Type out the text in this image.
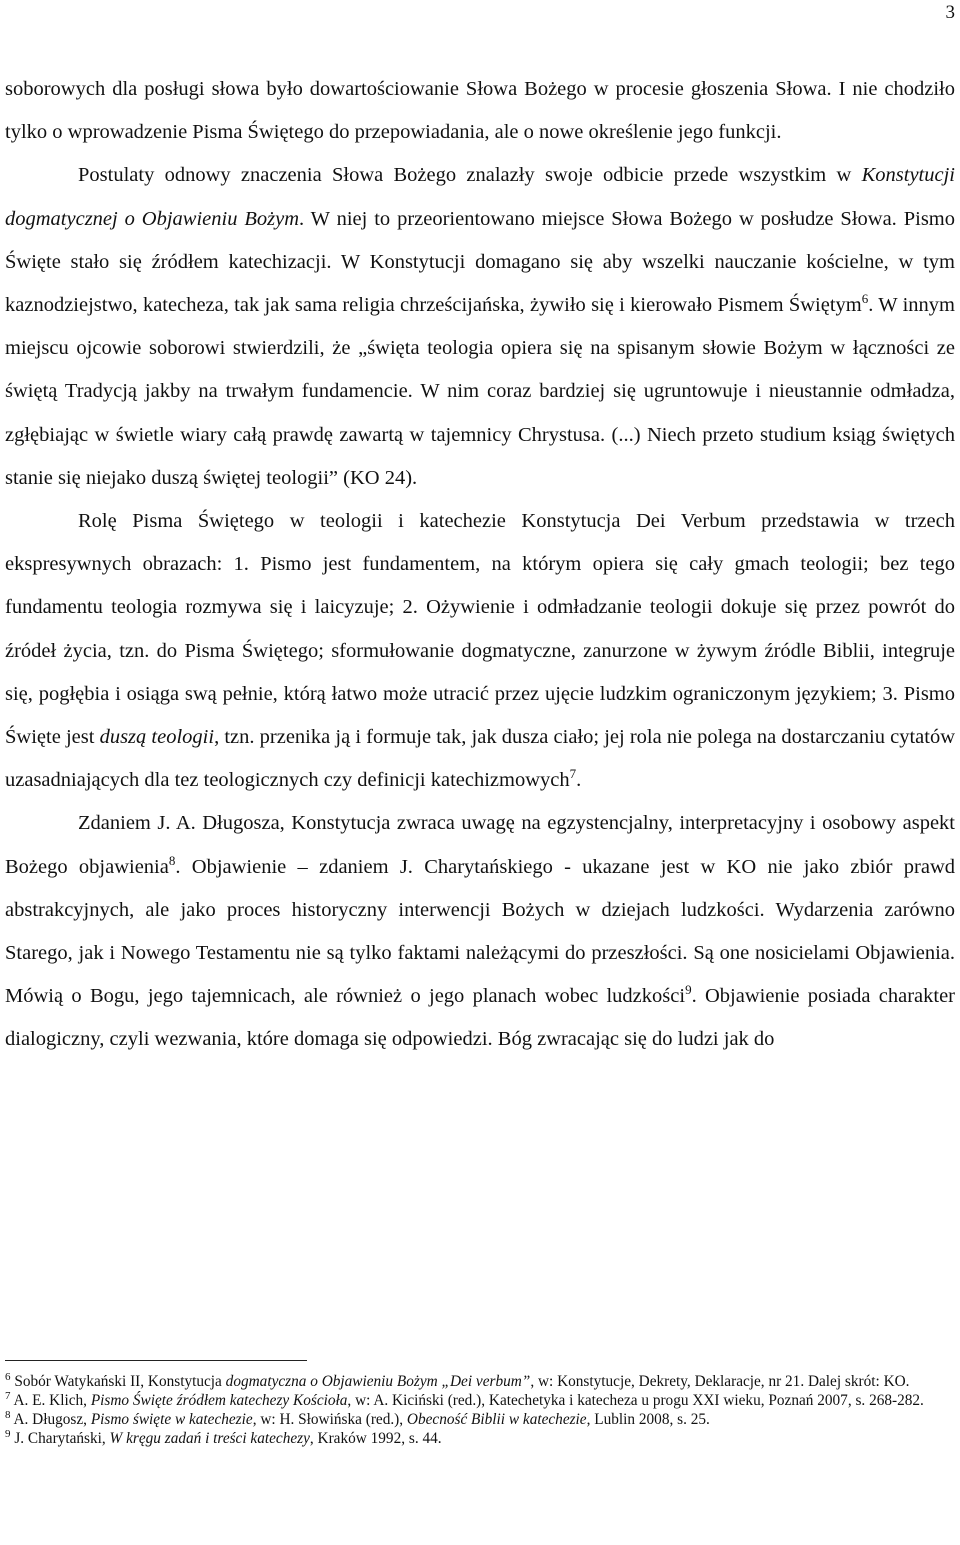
3

soborowych dla posługi słowa było dowartościowanie Słowa Bożego w procesie głoszenia Słowa. I nie chodziło tylko o wprowadzenie Pisma Świętego do przepowiadania, ale o nowe określenie jego funkcji.

Postulaty odnowy znaczenia Słowa Bożego znalazły swoje odbicie przede wszystkim w Konstytucji dogmatycznej o Objawieniu Bożym. W niej to przeorientowano miejsce Słowa Bożego w posłudze Słowa. Pismo Święte stało się źródłem katechizacji. W Konstytucji domagano się aby wszelki nauczanie kościelne, w tym kaznodziejstwo, katecheza, tak jak sama religia chrześcijańska, żywiło się i kierowało Pismem Świętym$^6$. W innym miejscu ojcowie soborowi stwierdzili, że „święta teologia opiera się na spisanym słowie Bożym w łączności ze świętą Tradycją jakby na trwałym fundamencie. W nim coraz bardziej się ugruntowuje i nieustannie odmładza, zgłębiając w świetle wiary całą prawdę zawartą w tajemnicy Chrystusa. (...) Niech przeto studium ksiąg świętych stanie się niejako duszą świętej teologii” (KO 24).

Rolę Pisma Świętego w teologii i katechezie Konstytucja Dei Verbum przedstawia w trzech ekspresywnych obrazach: 1. Pismo jest fundamentem, na którym opiera się cały gmach teologii; bez tego fundamentu teologia rozmywa się i laicyzuje; 2. Ożywienie i odmładzanie teologii dokuje się przez powrót do źródeł życia, tzn. do Pisma Świętego; sformułowanie dogmatyczne, zanurzone w żywym źródle Biblii, integruje się, pogłębia i osiąga swą pełnie, którą łatwo może utracić przez ujęcie ludzkim ograniczonym językiem; 3. Pismo Święte jest duszą teologii, tzn. przenika ją i formuje tak, jak dusza ciało; jej rola nie polega na dostarczaniu cytatów uzasadniających dla tez teologicznych czy definicji katechizmowych$^7$.

Zdaniem J. A. Długosza, Konstytucja zwraca uwagę na egzystencjalny, interpretacyjny i osobowy aspekt Bożego objawienia$^8$. Objawienie – zdaniem J. Charytańskiego - ukazane jest w KO nie jako zbiór prawd abstrakcyjnych, ale jako proces historyczny interwencji Bożych w dziejach ludzkości. Wydarzenia zarówno Starego, jak i Nowego Testamentu nie są tylko faktami należącymi do przeszłości. Są one nosicielami Objawienia. Mówią o Bogu, jego tajemnicach, ale również o jego planach wobec ludzkości$^9$. Objawienie posiada charakter dialogiczny, czyli wezwania, które domaga się odpowiedzi. Bóg zwracając się do ludzi jak do

$^6$ Sobór Watykański II, Konstytucja dogmatyczna o Objawieniu Bożym „Dei verbum”, w: Konstytucje, Dekrety, Deklaracje, nr 21. Dalej skrót: KO.

$^7$ A. E. Klich, Pismo Święte źródłem katechezy Kościoła, w: A. Kiciński (red.), Katechetyka i katecheza u progu XXI wieku, Poznań 2007, s. 268-282.

$^8$ A. Długosz, Pismo święte w katechezie, w: H. Słowińska (red.), Obecność Biblii w katechezie, Lublin 2008, s. 25.

$^9$ J. Charytański, W kręgu zadań i treści katechezy, Kraków 1992, s. 44.
